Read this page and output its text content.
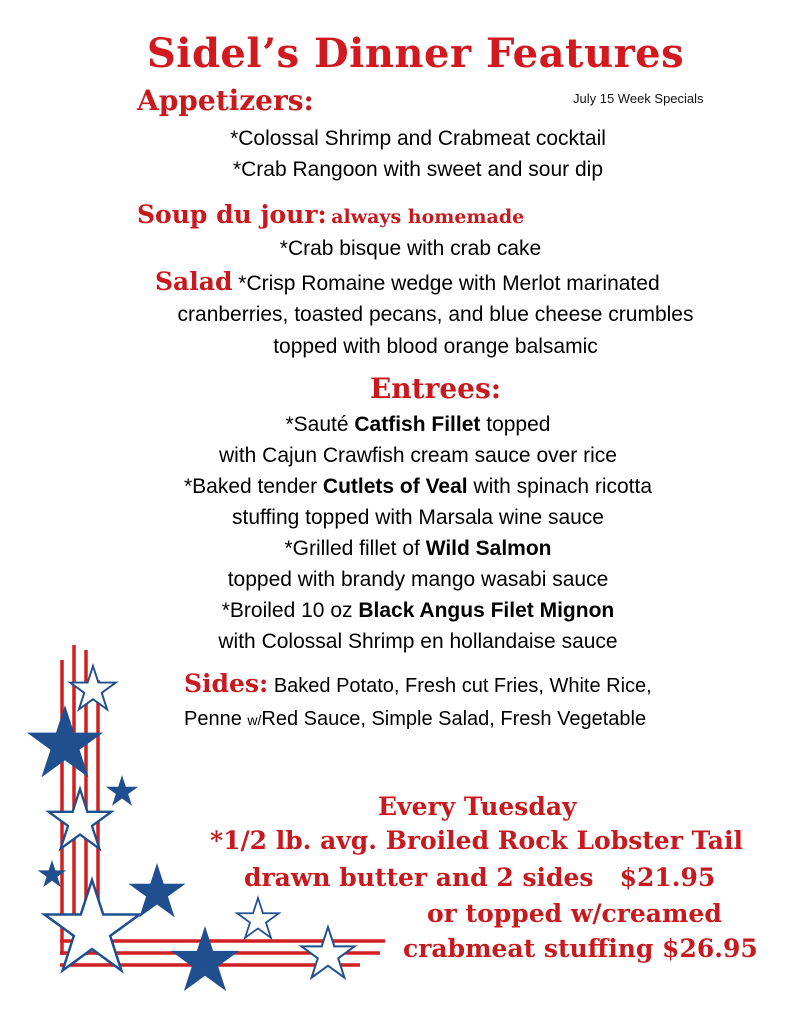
Sidel’s Dinner Features
Appetizers:	July 15 Week Specials
*Colossal Shrimp and Crabmeat cocktail
*Crab Rangoon with sweet and sour dip
Soup du jour: always homemade
*Crab bisque with crab cake
Salad *Crisp Romaine wedge with Merlot marinated
cranberries, toasted pecans, and blue cheese crumbles
topped with blood orange balsamic
Entrees:
*Sauté Catfish Fillet topped
with Cajun Crawfish cream sauce over rice
*Baked tender Cutlets of Veal with spinach ricotta
stuffing topped with Marsala wine sauce
*Grilled fillet of Wild Salmon
topped with brandy mango wasabi sauce
*Broiled 10 oz Black Angus Filet Mignon
with Colossal Shrimp en hollandaise sauce
Sides: Baked Potato, Fresh cut Fries, White Rice,
Penne w/Red Sauce, Simple Salad, Fresh Vegetable
Every Tuesday
*1/2 lb. avg. Broiled Rock Lobster Tail
drawn butter and 2 sides   $21.95
or topped w/creamed
crabmeat stuffing $26.95
